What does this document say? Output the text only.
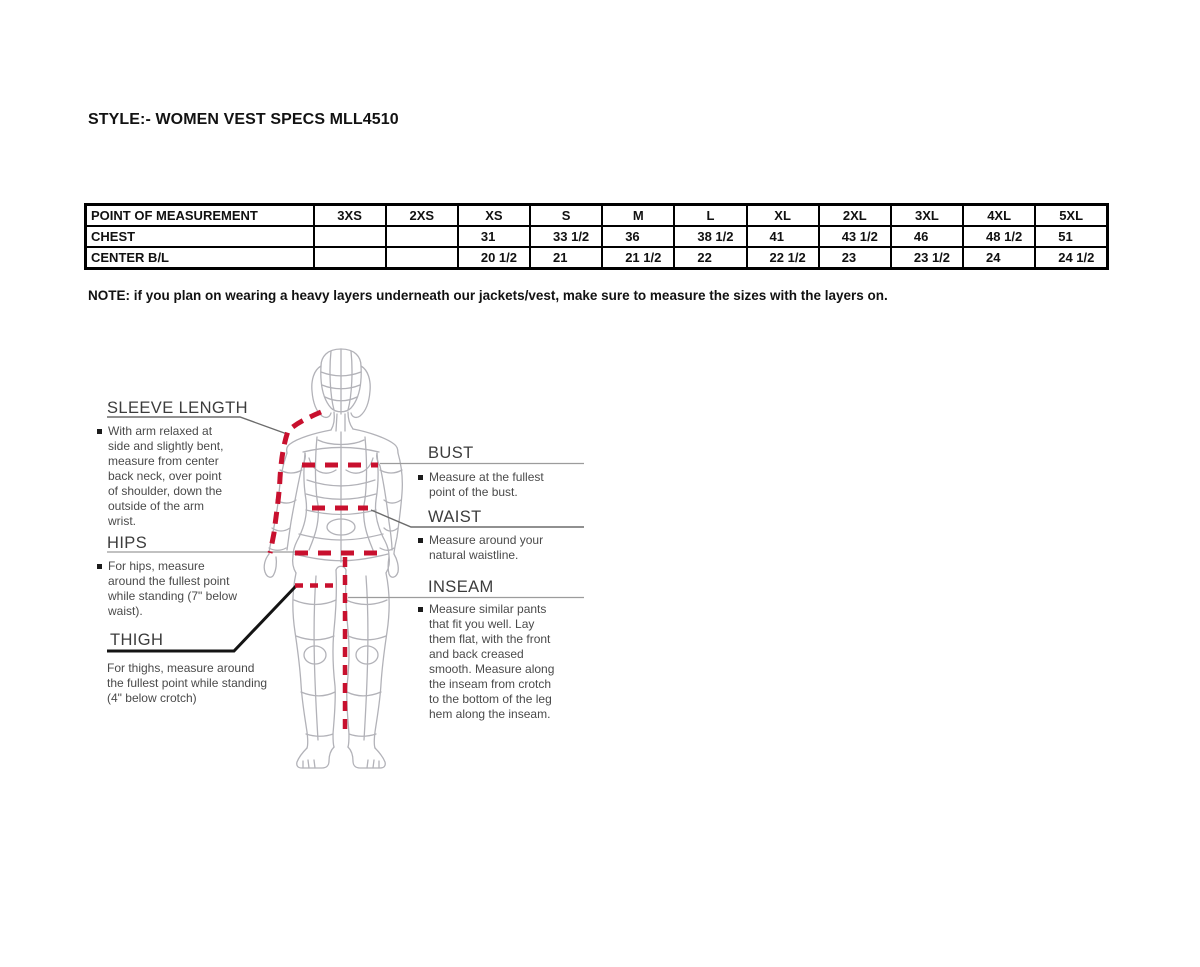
STYLE:- WOMEN VEST SPECS MLL4510
POINT OF MEASUREMENT	3XS	2XS	XS	S	M	L	XL	2XL	3XL	4XL	5XL
CHEST			31	33 1/2	36	38 1/2	41	43 1/2	46	48 1/2	51
CENTER B/L			20 1/2	21	21 1/2	22	22 1/2	23	23 1/2	24	24 1/2
NOTE: if you plan on wearing a heavy layers underneath our jackets/vest, make sure to measure the sizes with the layers on.
SLEEVE LENGTH

With arm relaxed at side and slightly bent, measure from center back neck, over point of shoulder, down the outside of the arm wrist.

HIPS

For hips, measure around the fullest point while standing (7" below waist).

THIGH

For thighs, measure around the fullest point while standing (4" below crotch)

BUST

Measure at the fullest point of the bust.

WAIST

Measure around your natural waistline.

INSEAM

Measure similar pants that fit you well. Lay them flat, with the front and back creased smooth. Measure along the inseam from crotch to the bottom of the leg hem along the inseam.
